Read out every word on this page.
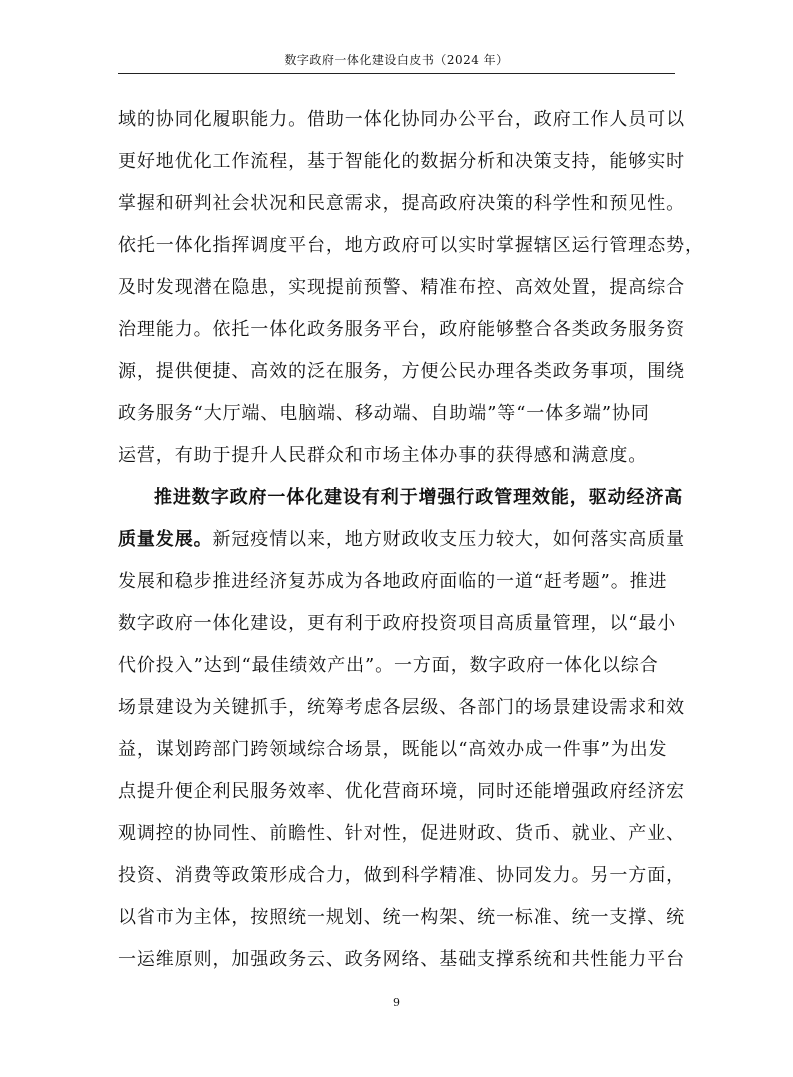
数字政府一体化建设白皮书（2024 年）
域的协同化履职能力。借助一体化协同办公平台，政府工作人员可以
更好地优化工作流程，基于智能化的数据分析和决策支持，能够实时
掌握和研判社会状况和民意需求，提高政府决策的科学性和预见性。
依托一体化指挥调度平台，地方政府可以实时掌握辖区运行管理态势，
及时发现潜在隐患，实现提前预警、精准布控、高效处置，提高综合
治理能力。依托一体化政务服务平台，政府能够整合各类政务服务资
源，提供便捷、高效的泛在服务，方便公民办理各类政务事项，围绕
政务服务“大厅端、电脑端、移动端、自助端”等“一体多端”协同
运营，有助于提升人民群众和市场主体办事的获得感和满意度。
推进数字政府一体化建设有利于增强行政管理效能，驱动经济高
质量发展。新冠疫情以来，地方财政收支压力较大，如何落实高质量
发展和稳步推进经济复苏成为各地政府面临的一道“赶考题”。推进
数字政府一体化建设，更有利于政府投资项目高质量管理，以“最小
代价投入”达到“最佳绩效产出”。一方面，数字政府一体化以综合
场景建设为关键抓手，统筹考虑各层级、各部门的场景建设需求和效
益，谋划跨部门跨领域综合场景，既能以“高效办成一件事”为出发
点提升便企利民服务效率、优化营商环境，同时还能增强政府经济宏
观调控的协同性、前瞻性、针对性，促进财政、货币、就业、产业、
投资、消费等政策形成合力，做到科学精准、协同发力。另一方面，
以省市为主体，按照统一规划、统一构架、统一标准、统一支撑、统
一运维原则，加强政务云、政务网络、基础支撑系统和共性能力平台
9
